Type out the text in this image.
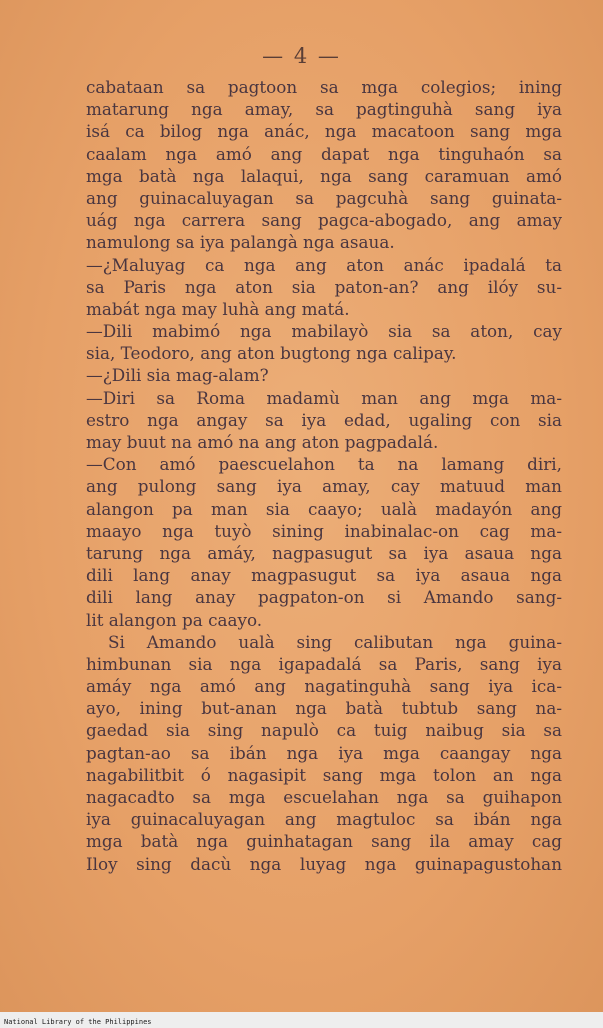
— 4 —
cabataan sa pagtoon sa mga colegios; ining
matarung nga amay, sa pagtinguhà sang iya
isá ca bilog nga anác, nga macatoon sang mga
caalam nga amó ang dapat nga tinguhaón sa
mga batà nga lalaqui, nga sang caramuan amó
ang guinacaluyagan sa pagcuhà sang guinata-
uág nga carrera sang pagca-abogado, ang amay
namulong sa iya palangà nga asaua.
—¿Maluyag ca nga ang aton anác ipadalá ta
sa Paris nga aton sia paton-an? ang ilóy su-
mabát nga may luhà ang matá.
—Dili mabimó nga mabilayò sia sa aton, cay
sia, Teodoro, ang aton bugtong nga calipay.
—¿Dili sia mag-alam?
—Diri sa Roma madamù man ang mga ma-
estro nga angay sa iya edad, ugaling con sia
may buut na amó na ang aton pagpadalá.
—Con amó paescuelahon ta na lamang diri,
ang pulong sang iya amay, cay matuud man
alangon pa man sia caayo; ualà madayón ang
maayo nga tuyò sining inabinalac-on cag ma-
tarung nga amáy, nagpasugut sa iya asaua nga
dili lang anay magpasugut sa iya asaua nga
dili lang anay pagpaton-on si Amando sang-
lit alangon pa caayo.
Si Amando ualà sing calibutan nga guina-
himbunan sia nga igapadalá sa Paris, sang iya
amáy nga amó ang nagatinguhà sang iya ica-
ayo, ining but-anan nga batà tubtub sang na-
gaedad sia sing napulò ca tuig naibug sia sa
pagtan-ao sa ibán nga iya mga caangay nga
nagabilitbit ó nagasipit sang mga tolon an nga
nagacadto sa mga escuelahan nga sa guihapon
iya guinacaluyagan ang magtuloc sa ibán nga
mga batà nga guinhatagan sang ila amay cag
Iloy sing dacù nga luyag nga guinapagustohan
National Library of the Philippines
